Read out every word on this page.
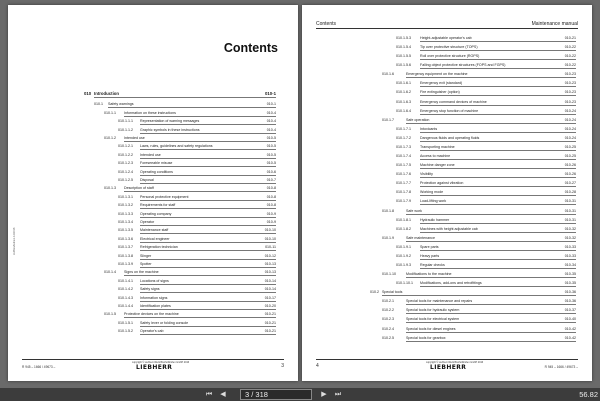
Contents
010 Introduction	010-1
010.1 Safety warnings	010-1
010.1.1 Information on these instructions	010-4
010.1.1.1 Representation of warning messages	010-4
010.1.1.2 Graphic symbols in these instructions	010-4
010.1.2 Intended use	010-5
010.1.2.1 Laws, rules, guidelines and safety regulations	010-5
010.1.2.2 Intended use	010-5
010.1.2.3 Foreseeable misuse	010-5
010.1.2.4 Operating conditions	010-6
010.1.2.5 Disposal	010-7
010.1.3 Description of staff	010-8
010.1.3.1 Personal protective equipment	010-8
010.1.3.2 Requirements for staff	010-8
010.1.3.3 Operating company	010-9
010.1.3.4 Operator	010-9
010.1.3.5 Maintenance staff	010-10
010.1.3.6 Electrical engineer	010-10
010.1.3.7 Refrigeration technician	010-11
010.1.3.8 Slinger	010-12
010.1.3.9 Spotter	010-13
010.1.4 Signs on the machine	010-13
010.1.4.1 Locations of signs	010-14
010.1.4.2 Safety signs	010-14
010.1.4.3 Information signs	010-17
010.1.4.4 Identification plates	010-20
010.1.5 Protective devices on the machine	010-21
010.1.5.1 Safety lever or folding console	010-21
010.1.5.2 Operator's cab	010-21
LHB/en/Edition 12/2016
R 945 – 1666 / 49673 –
copyright © Liebherr-Werk Bischofshofen GmbH 2016
LIEBHERR	3
Contents	Maintenance manual
010.1.5.3	Height-adjustable operator's cab	010-21
010.1.5.4	Tip over protective structure (TOPS)	010-22
010.1.5.5	Roll over protective structure (ROPS)	010-22
010.1.5.6	Falling object protective structures (FOPS and FGPS)	010-22
010.1.6	Emergency equipment on the machine	010-23
010.1.6.1	Emergency exit (standard)	010-23
010.1.6.2	Fire extinguisher (option)	010-23
010.1.6.3	Emergency command devices of machine	010-23
010.1.6.4	Emergency stop function of machine	010-24
010.1.7	Safe operation	010-24
010.1.7.1	Intoxicants	010-24
010.1.7.2	Dangerous fluids and operating fluids	010-24
010.1.7.3	Transporting machine	010-25
010.1.7.4	Access to machine	010-25
010.1.7.5	Machine danger zone	010-26
010.1.7.6	Visibility	010-26
010.1.7.7	Protection against vibration	010-27
010.1.7.8	Working mode	010-28
010.1.7.9	Load-lifting work	010-31
010.1.8	Safe work	010-31
010.1.8.1	Hydraulic hammer	010-31
010.1.8.2	Machines with height adjustable cab	010-32
010.1.9	Safe maintenance	010-32
010.1.9.1	Spare parts	010-33
010.1.9.2	Heavy parts	010-33
010.1.9.3	Regular checks	010-34
010.1.10	Modifications to the machine	010-35
010.1.10.1 Modifications, add-ons and retrofittings	010-35
010.2 Special tools	010-36
010.2.1	Special tools for maintenance and repairs	010-36
010.2.2	Special tools for hydraulic system	010-37
010.2.3	Special tools for electrical system	010-40
010.2.4	Special tools for diesel engines	010-42
010.2.5	Special tools for gearbox	010-42
4
copyright © Liebherr-Werk Bischofshofen GmbH 2016
LIEBHERR	R 945 – 1666 / 49673 –
⏮	◀	3 / 318	▶	⏭	56.82
